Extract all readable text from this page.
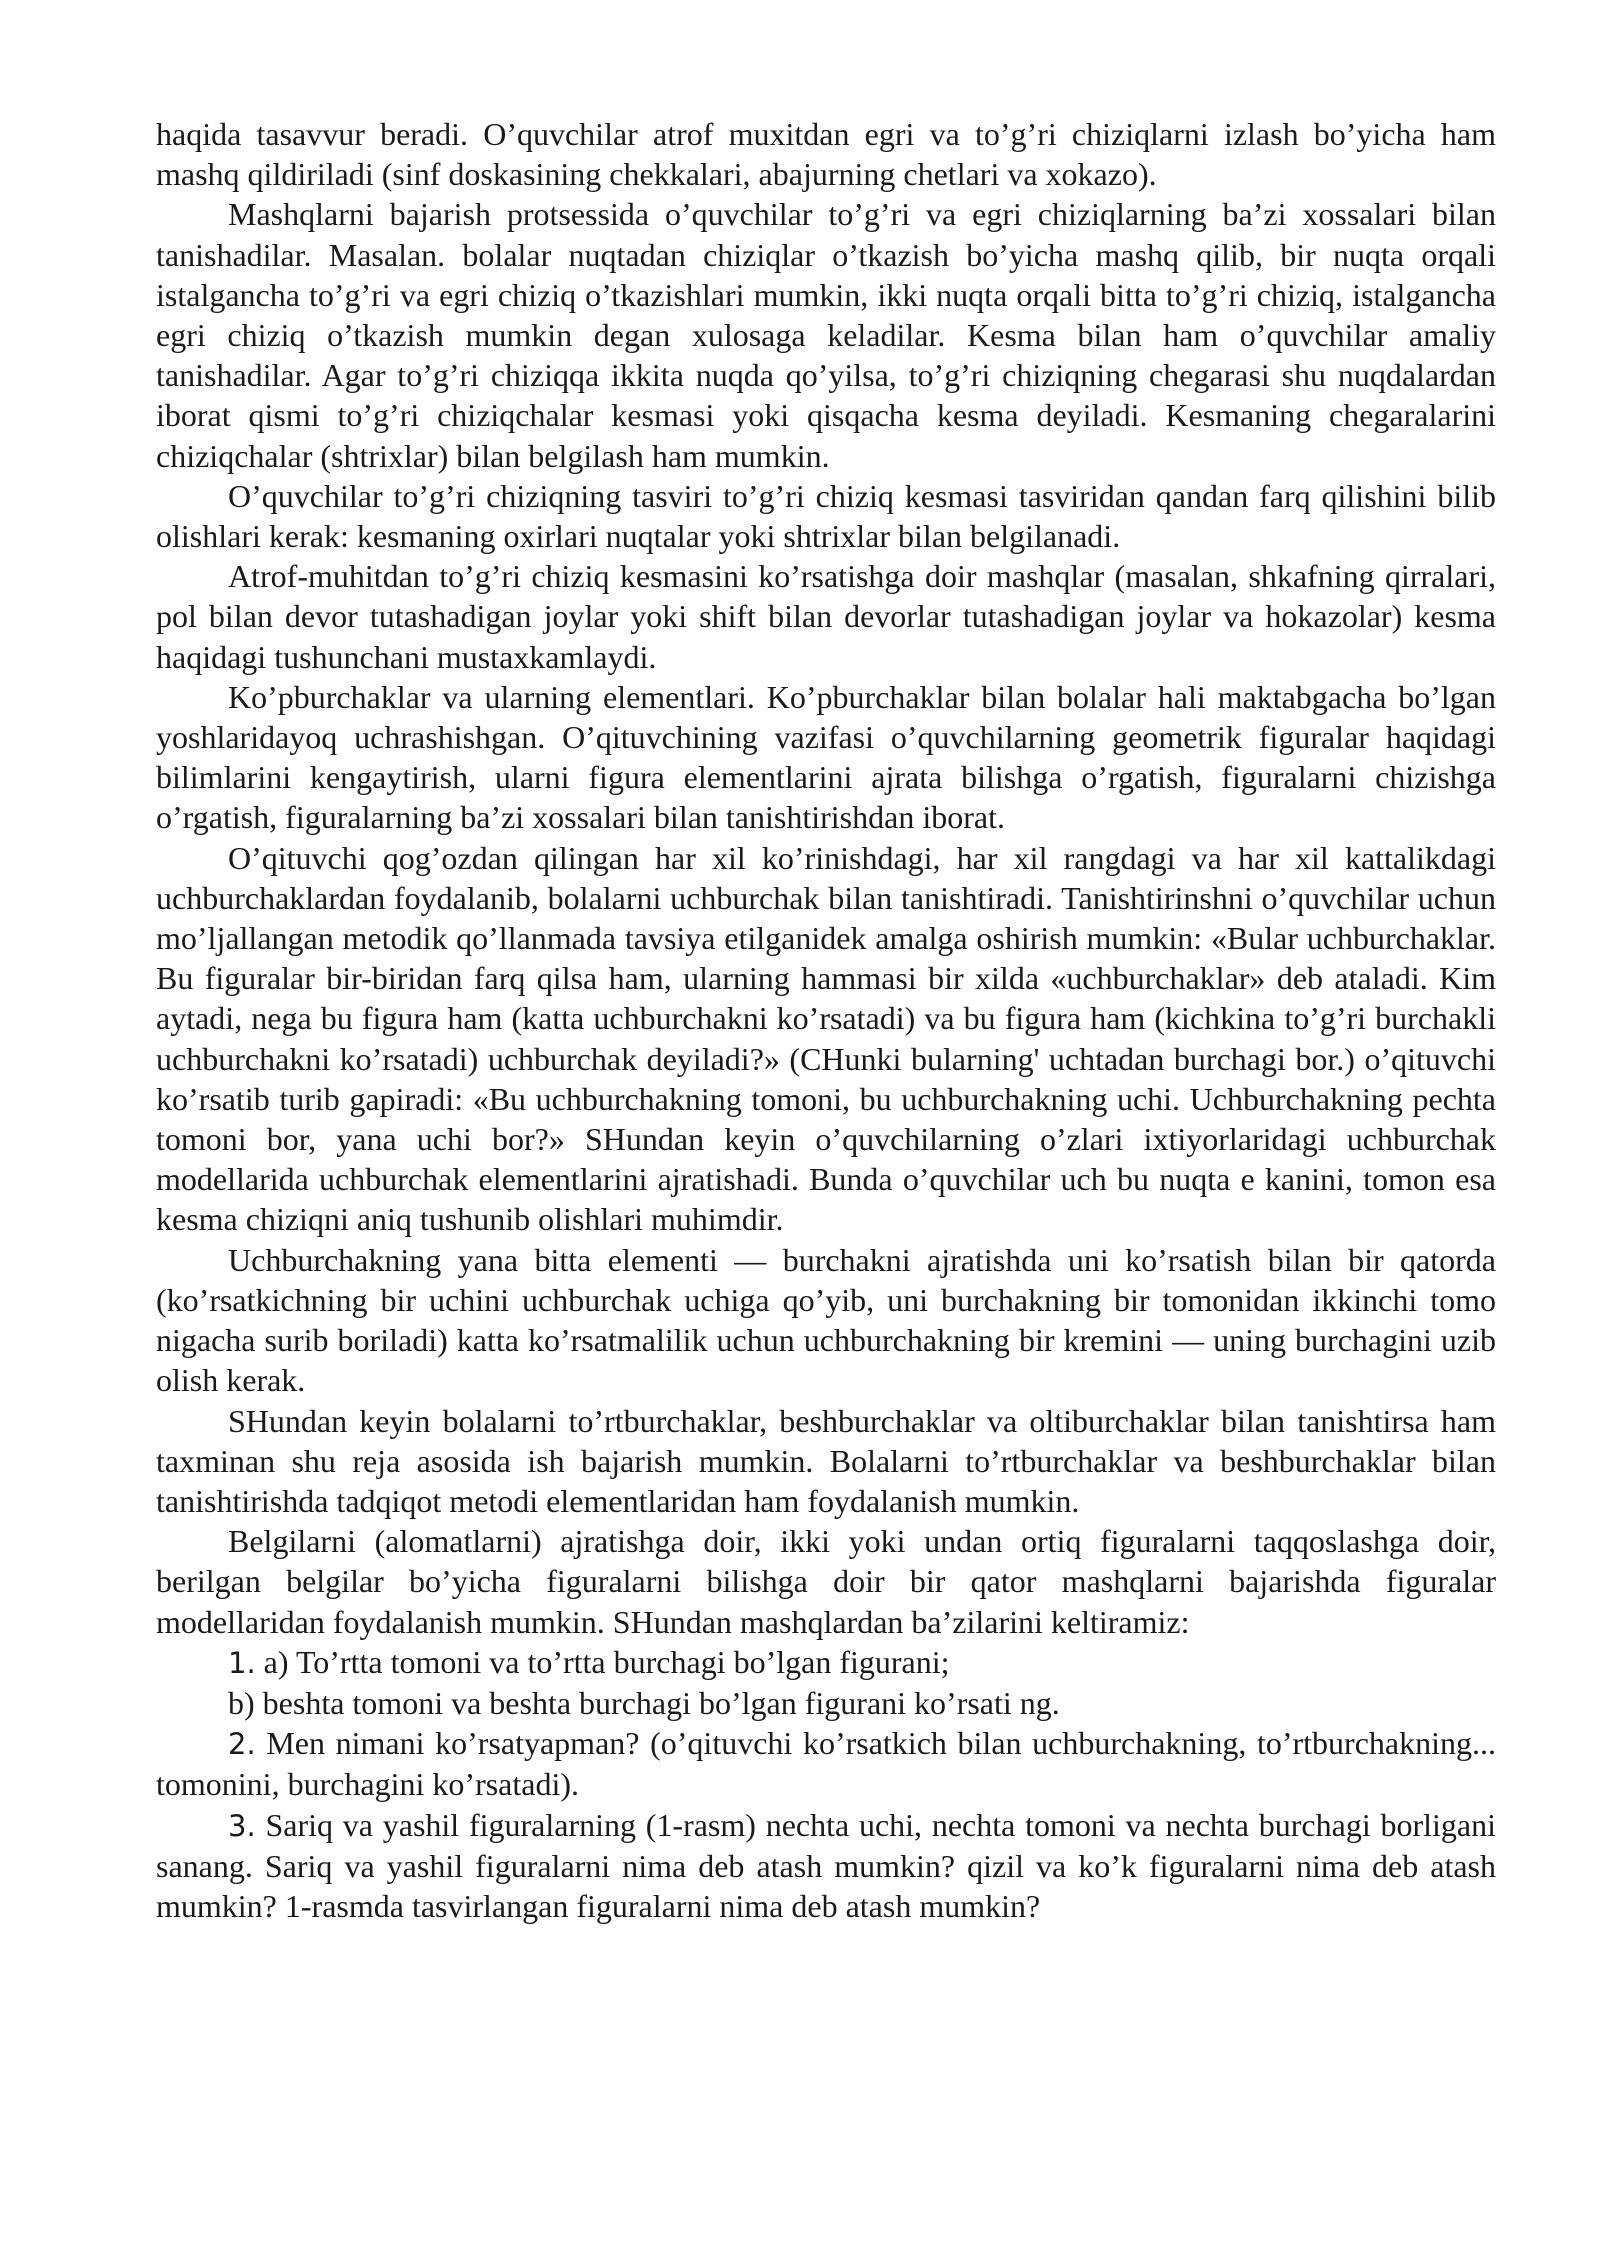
haqida tasavvur beradi. O’quvchilar atrof muxitdan egri va to’g’ri chiziqlarni izlash bo’yicha ham mashq qildiriladi (sinf doskasining chekkalari, abajurning chetlari va xokazo).

Mashqlarni bajarish protsessida o’quvchilar to’g’ri va egri chiziqlarning ba’zi xossalari bilan tanishadilar. Masalan. bolalar nuqtadan chiziqlar o’tkazish bo’yicha mashq qilib, bir nuqta orqali istalgancha to’g’ri va egri chiziq o’tkazishlari mumkin, ikki nuqta orqali bitta to’g’ri chiziq, istalgancha egri chiziq o’tkazish mumkin degan xulosaga keladilar. Kesma bilan ham o’quvchilar amaliy tanishadilar. Agar to’g’ri chiziqqa ikkita nuqda qo’yilsa, to’g’ri chiziqning chegarasi shu nuqdalardan iborat qismi to’g’ri chiziqchalar kesmasi yoki qisqacha kesma deyiladi. Kesmaning chegaralarini chiziqchalar (shtrixlar) bilan belgilash ham mumkin.

O’quvchilar to’g’ri chiziqning tasviri to’g’ri chiziq kesmasi tasviridan qandan farq qilishini bilib olishlari kerak: kesmaning oxirlari nuqtalar yoki shtrixlar bilan belgilanadi.

Atrof-muhitdan to’g’ri chiziq kesmasini ko’rsatishga doir mashqlar (masalan, shkafning qirralari, pol bilan devor tutashadigan joylar yoki shift bilan devorlar tutashadigan joylar va hokazolar) kesma haqidagi tushunchani mustaxkamlaydi.

Ko’pburchaklar va ularning elementlari. Ko’pburchaklar bilan bolalar hali maktabgacha bo’lgan yoshlaridayoq uchrashishgan. O’qituvchining vazifasi o’quvchilarning geometrik figuralar haqidagi bilimlarini kengaytirish, ularni figura elementlarini ajrata bilishga o’rgatish, figuralarni chizishga o’rgatish, figuralarning ba’zi xossalari bilan tanishtirishdan iborat.

O’qituvchi qog’ozdan qilingan har xil ko’rinishdagi, har xil rangdagi va har xil kattalikdagi uchburchaklardan foydalanib, bolalarni uchburchak bilan tanishtiradi. Tanishtirinshni o’quvchilar uchun mo’ljallangan metodik qo’llanmada tavsiya etilganidek amalga oshirish mumkin: «Bular uchburchaklar. Bu figuralar bir-biridan farq qilsa ham, ularning hammasi bir xilda «uchburchaklar» deb ataladi. Kim aytadi, nega bu figura ham (katta uchburchakni ko’rsatadi) va bu figura ham (kichkina to’g’ri burchakli uchburchakni ko’rsatadi) uchburchak deyiladi?» (CHunki bularning' uchtadan burchagi bor.) o’qituvchi ko’rsatib turib gapiradi: «Bu uchburchakning tomoni, bu uchburchakning uchi. Uchburchakning pechta tomoni bor, yana uchi bor?» SHundan keyin o’quvchilarning o’zlari ixtiyorlaridagi uchburchak modellarida uchburchak elementlarini ajratishadi. Bunda o’quvchilar uch bu nuqta e kanini, tomon esa kesma chiziqni aniq tushunib olishlari muhimdir.

Uchburchakning yana bitta elementi — burchakni ajratishda uni ko’rsatish bilan bir qatorda (ko’rsatkichning bir uchini uchburchak uchiga qo’yib, uni burchakning bir tomonidan ikkinchi tomo nigacha surib boriladi) katta ko’rsatmalilik uchun uchburchakning bir kremini — uning burchagini uzib olish kerak.

SHundan keyin bolalarni to’rtburchaklar, beshburchaklar va oltiburchaklar bilan tanishtirsa ham taxminan shu reja asosida ish bajarish mumkin. Bolalarni to’rtburchaklar va beshburchaklar bilan tanishtirishda tadqiqot metodi elementlaridan ham foydalanish mumkin.

Belgilarni (alomatlarni) ajratishga doir, ikki yoki undan ortiq figuralarni taqqoslashga doir, berilgan belgilar bo’yicha figuralarni bilishga doir bir qator mashqlarni bajarishda figuralar modellaridan foydalanish mumkin. SHundan mashqlardan ba’zilarini keltiramiz:

1. a) To’rtta tomoni va to’rtta burchagi bo’lgan figurani;

b) beshta tomoni va beshta burchagi bo’lgan figurani ko’rsati ng.

2. Men nimani ko’rsatyapman? (o’qituvchi ko’rsatkich bilan uchburchakning, to’rtburchakning... tomonini, burchagini ko’rsatadi).

3. Sariq va yashil figuralarning (1-rasm) nechta uchi, nechta tomoni va nechta burchagi borligani sanang. Sariq va yashil figuralarni nima deb atash mumkin? qizil va ko’k figuralarni nima deb atash mumkin? 1-rasmda tasvirlangan figuralarni nima deb atash mumkin?
